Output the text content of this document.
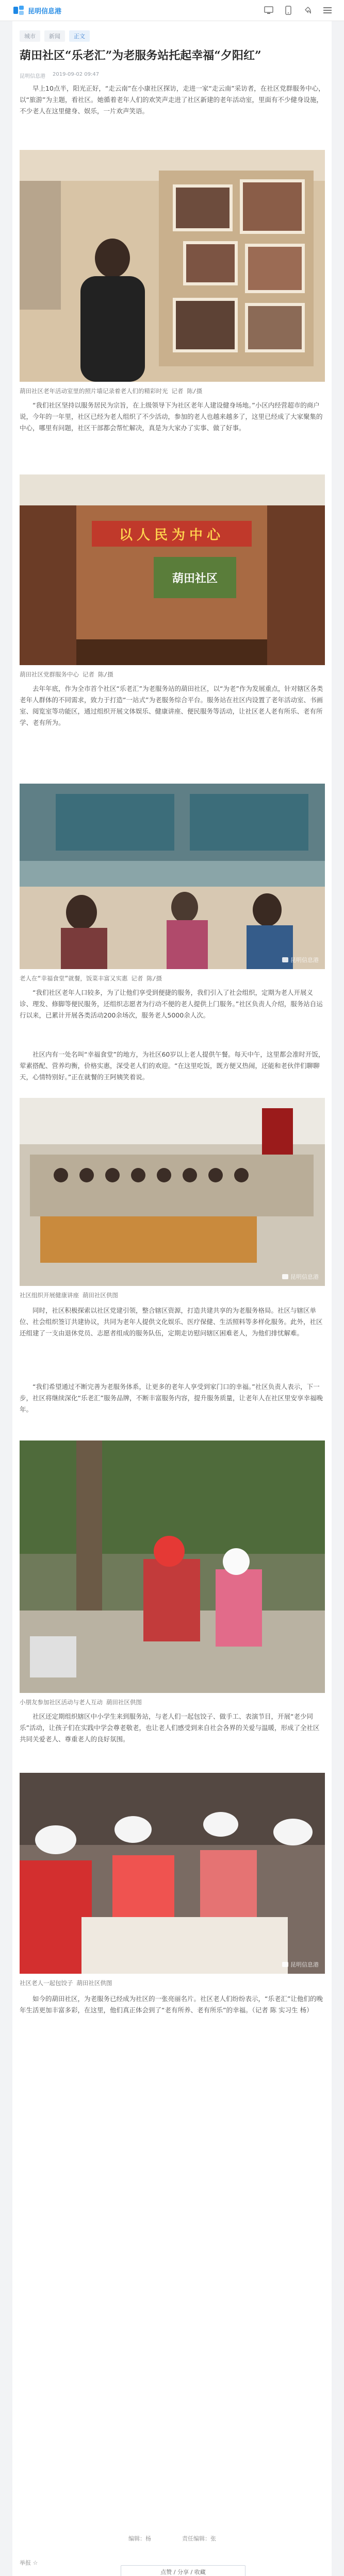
昆明信息港
城市	新闻	正文
葫田社区“乐老汇”为老服务站托起幸福“夕阳红”
昆明信息港 2019-09-02 09:47

早上10点半，阳光正好，“走云南”在小康社区探访，走进一家“走云南”采访者，在社区党群服务中心，以“旅游”为主题，看社区。她循着老年人们的欢笑声走进了社区新建的老年活动室，里面有不少健身设施，不少老人在这里健身、娱乐，一片欢声笑语。

葫田社区老年活动室里的照片墙记录着老人们的精彩时光 记者 陈/摄

“我们社区坚持以服务居民为宗旨，在上级领导下为社区老年人建设健身场地。”小区内经营超市的商户说，今年的一年里，社区已经为老人组织了不少活动，参加的老人也越来越多了，这里已经成了大家聚集的中心，哪里有问题，社区干部都会帮忙解决，真是为大家办了实事、做了好事。

以人民为中心
葫田社区
葫田社区党群服务中心 记者 陈/摄

去年年底，作为全市首个社区“乐老汇”为老服务站的葫田社区，以“为老”作为发展重点，针对辖区各类老年人群体的不同需求，致力于打造“一站式”为老服务综合平台。服务站在社区内设置了老年活动室、书画室、阅览室等功能区，通过组织开展文体娱乐、健康讲座、便民服务等活动，让社区老人老有所乐、老有所学、老有所为。

昆明信息港
老人在“幸福食堂”就餐，饭菜丰富又实惠 记者 陈/摄

“我们社区老年人口较多，为了让他们享受到便捷的服务，我们引入了社会组织，定期为老人开展义诊、理发、修脚等便民服务，还组织志愿者为行动不便的老人提供上门服务。”社区负责人介绍，服务站自运行以来，已累计开展各类活动200余场次，服务老人5000余人次。

社区内有一处名叫“幸福食堂”的地方，为社区60岁以上老人提供午餐。每天中午，这里都会准时开饭，荤素搭配、营养均衡，价格实惠，深受老人们的欢迎。“在这里吃饭，既方便又热闹，还能和老伙伴们聊聊天，心情特别好。”正在就餐的王阿姨笑着说。

昆明信息港
社区组织开展健康讲座 葫田社区供图

同时，社区积极探索以社区党建引领，整合辖区资源，打造共建共享的为老服务格局。社区与辖区单位、社会组织签订共建协议，共同为老年人提供文化娱乐、医疗保健、生活照料等多样化服务。此外，社区还组建了一支由退休党员、志愿者组成的服务队伍，定期走访慰问辖区困难老人，为他们排忧解难。

“我们希望通过不断完善为老服务体系，让更多的老年人享受到家门口的幸福。”社区负责人表示，下一步，社区将继续深化“乐老汇”服务品牌，不断丰富服务内容，提升服务质量，让老年人在社区里安享幸福晚年。

小朋友参加社区活动与老人互动 葫田社区供图

社区还定期组织辖区中小学生来到服务站，与老人们一起包饺子、做手工、表演节目，开展“老少同乐”活动，让孩子们在实践中学会尊老敬老，也让老人们感受到来自社会各界的关爱与温暖，形成了全社区共同关爱老人、尊重老人的良好氛围。

昆明信息港
社区老人一起包饺子 葫田社区供图

如今的葫田社区，为老服务已经成为社区的一张亮丽名片。社区老人们纷纷表示，“乐老汇”让他们的晚年生活更加丰富多彩，在这里，他们真正体会到了“老有所养、老有所乐”的幸福。（记者 陈 实习生 杨）

编辑：杨	责任编辑：张
举报 ☆
点赞 / 分享 / 收藏
